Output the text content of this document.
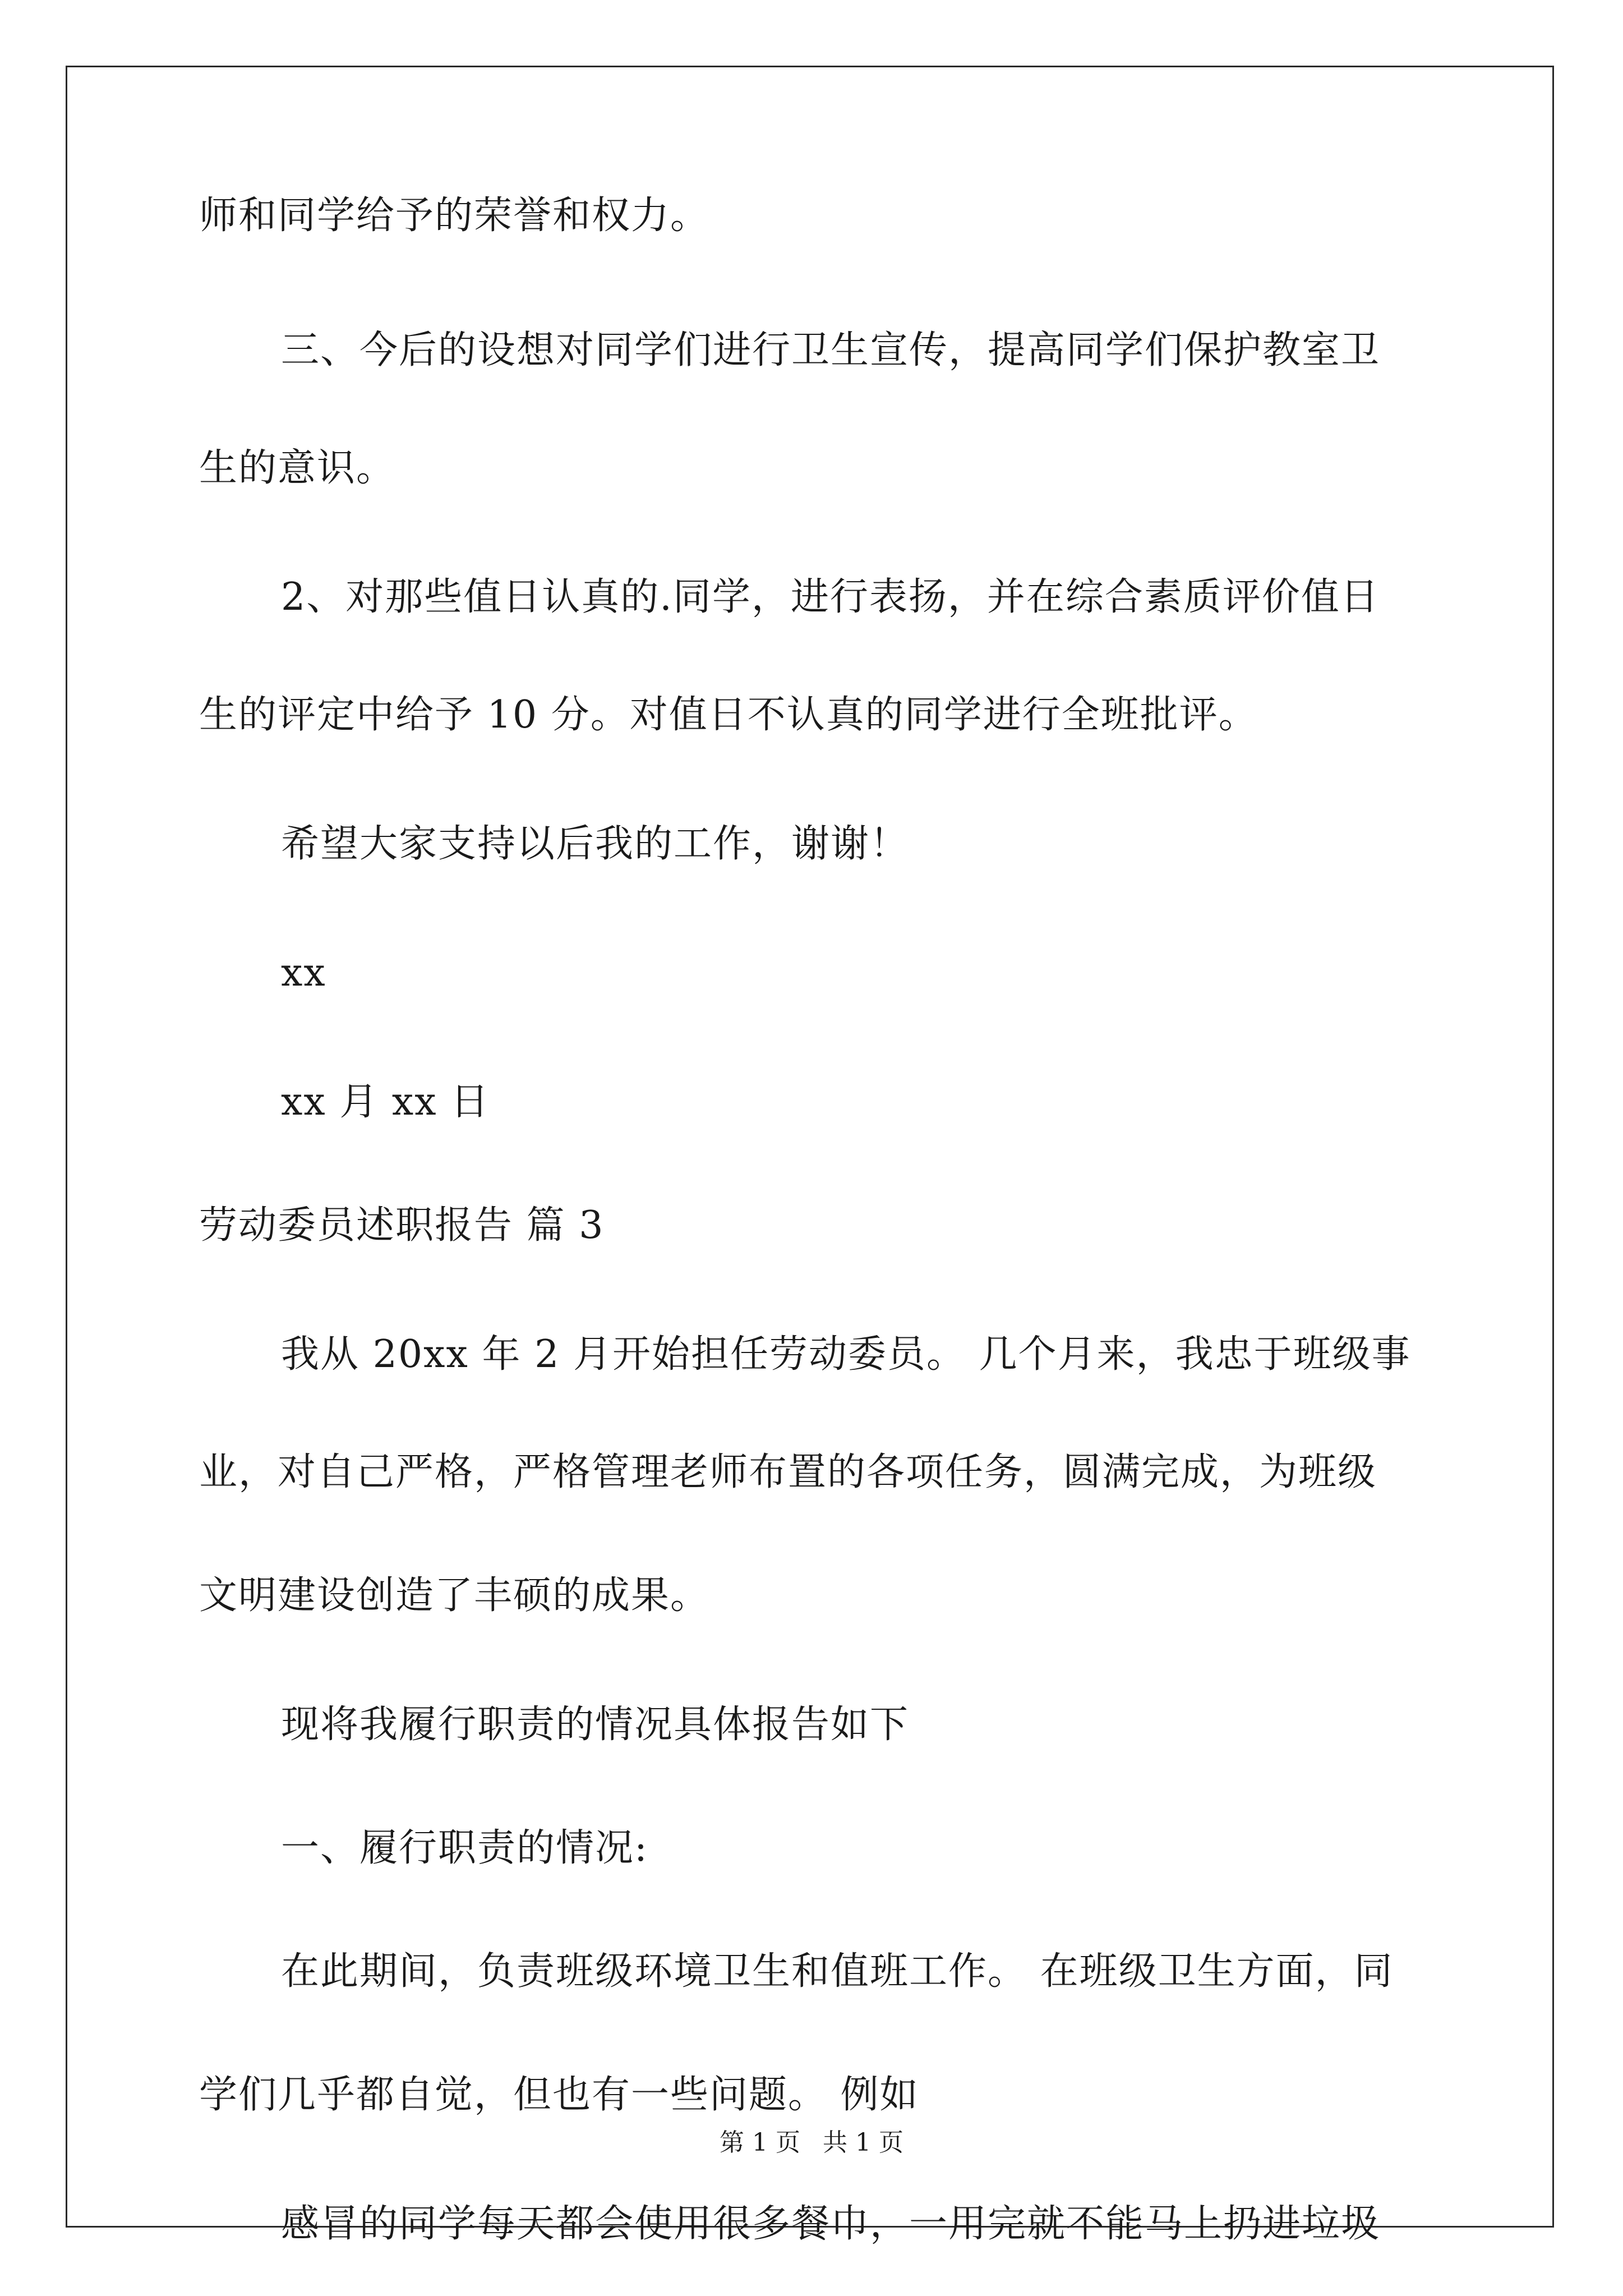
师和同学给予的荣誉和权力。
三、今后的设想对同学们进行卫生宣传，提高同学们保护教室卫
生的意识。
2、对那些值日认真的.同学，进行表扬，并在综合素质评价值日
生的评定中给予 10 分。对值日不认真的同学进行全班批评。
希望大家支持以后我的工作，谢谢！
xx
xx 月 xx 日
劳动委员述职报告 篇 3
我从 20xx 年 2 月开始担任劳动委员。 几个月来，我忠于班级事
业，对自己严格，严格管理老师布置的各项任务，圆满完成，为班级
文明建设创造了丰硕的成果。
现将我履行职责的情况具体报告如下
一、履行职责的情况:
在此期间，负责班级环境卫生和值班工作。 在班级卫生方面，同
学们几乎都自觉，但也有一些问题。 例如
感冒的同学每天都会使用很多餐巾，一用完就不能马上扔进垃圾
第 1 页 共 1 页
